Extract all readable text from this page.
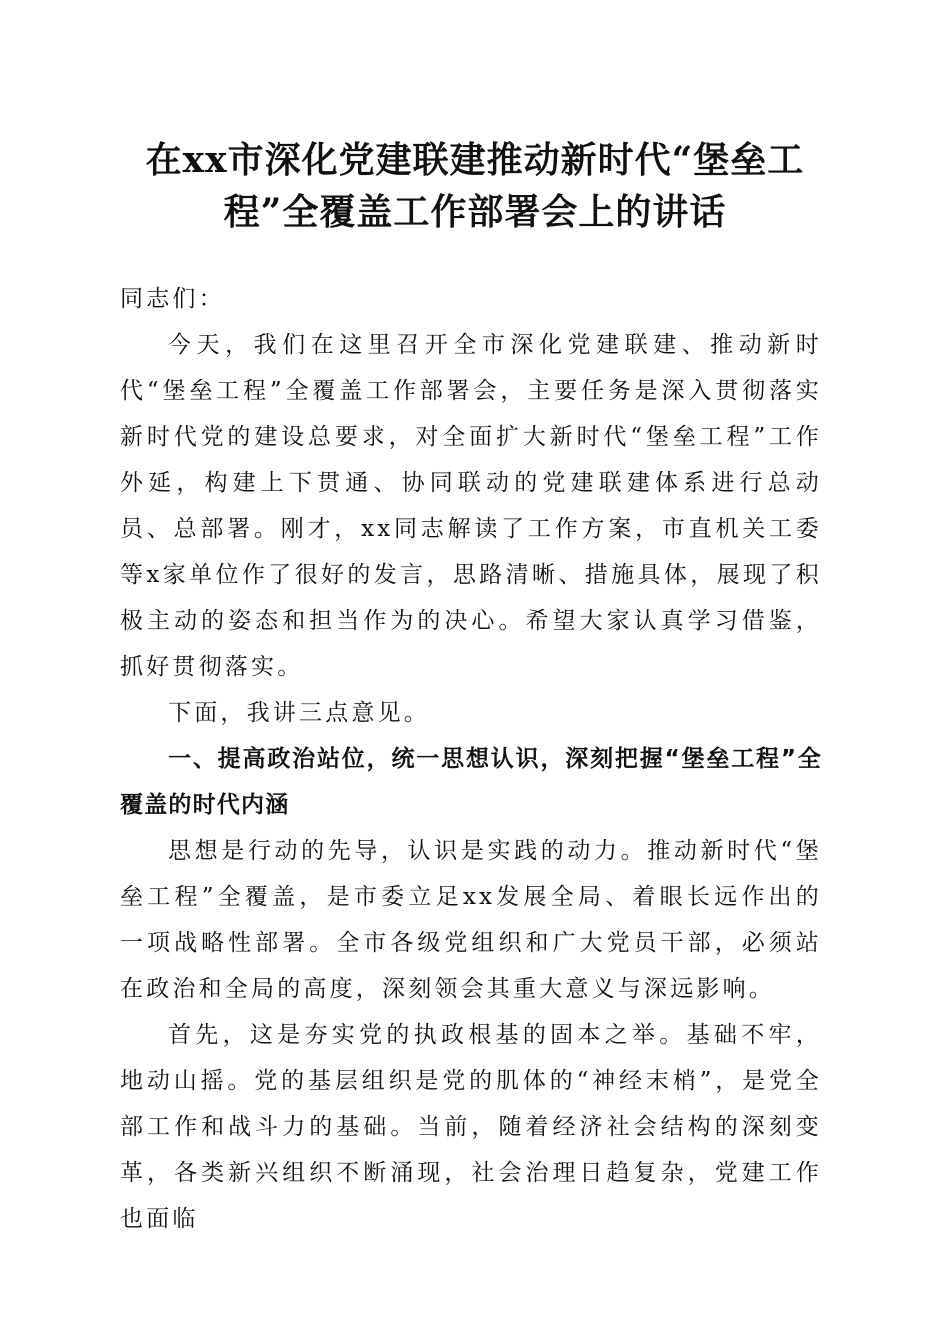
在xx市深化党建联建推动新时代“堡垒工
程”全覆盖工作部署会上的讲话

同志们：

今天，我们在这里召开全市深化党建联建、推动新时代“堡垒工程”全覆盖工作部署会，主要任务是深入贯彻落实新时代党的建设总要求，对全面扩大新时代“堡垒工程”工作外延，构建上下贯通、协同联动的党建联建体系进行总动员、总部署。刚才，xx同志解读了工作方案，市直机关工委等x家单位作了很好的发言，思路清晰、措施具体，展现了积极主动的姿态和担当作为的决心。希望大家认真学习借鉴，抓好贯彻落实。

下面，我讲三点意见。

一、提高政治站位，统一思想认识，深刻把握“堡垒工程”全覆盖的时代内涵

思想是行动的先导，认识是实践的动力。推动新时代“堡垒工程”全覆盖，是市委立足xx发展全局、着眼长远作出的一项战略性部署。全市各级党组织和广大党员干部，必须站在政治和全局的高度，深刻领会其重大意义与深远影响。

首先，这是夯实党的执政根基的固本之举。基础不牢，地动山摇。党的基层组织是党的肌体的“神经末梢”，是党全部工作和战斗力的基础。当前，随着经济社会结构的深刻变革，各类新兴组织不断涌现，社会治理日趋复杂，党建工作也面临
